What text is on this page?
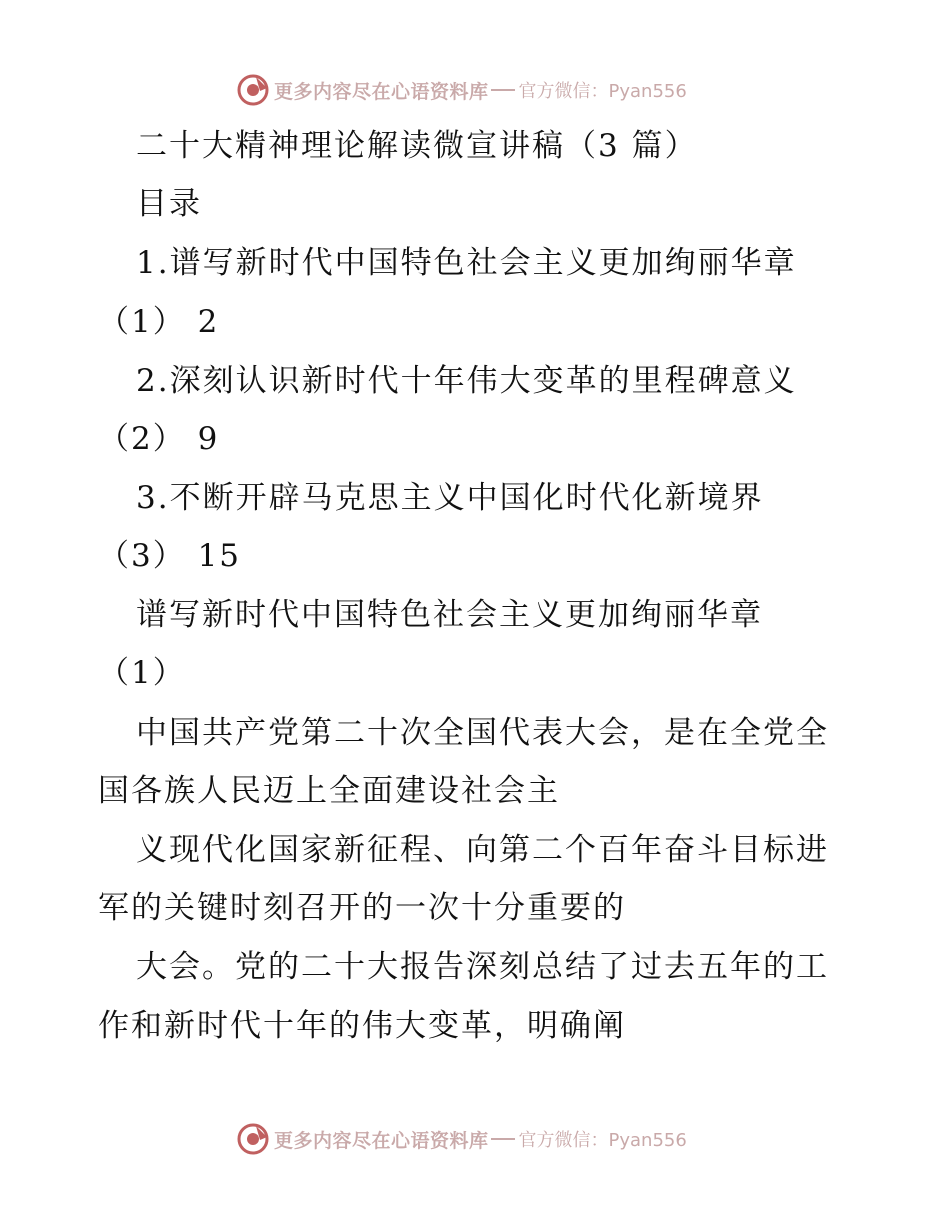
更多内容尽在心语资料库 官方微信：Pyan556
二十大精神理论解读微宣讲稿（3 篇）
目录
1.谱写新时代中国特色社会主义更加绚丽华章
（1） 2
2.深刻认识新时代十年伟大变革的里程碑意义
（2） 9
3.不断开辟马克思主义中国化时代化新境界
（3） 15
谱写新时代中国特色社会主义更加绚丽华章
（1）
中国共产党第二十次全国代表大会，是在全党全
国各族人民迈上全面建设社会主
义现代化国家新征程、向第二个百年奋斗目标进
军的关键时刻召开的一次十分重要的
大会。党的二十大报告深刻总结了过去五年的工
作和新时代十年的伟大变革，明确阐
更多内容尽在心语资料库 官方微信：Pyan556
